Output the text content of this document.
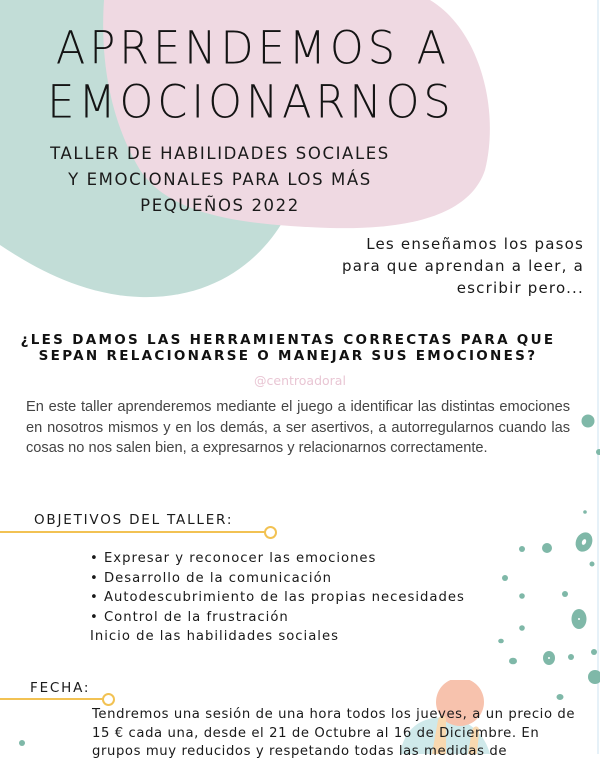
APRENDEMOS A
EMOCIONARNOS
TALLER DE HABILIDADES SOCIALES
Y EMOCIONALES PARA LOS MÁS
PEQUEÑOS 2022
Les enseñamos los pasos
para que aprendan a leer, a
escribir pero...
¿LES DAMOS LAS HERRAMIENTAS CORRECTAS PARA QUE
SEPAN RELACIONARSE O MANEJAR SUS EMOCIONES?
@centroadoral
En este taller aprenderemos mediante el juego a identificar las distintas emociones en nosotros mismos y en los demás, a ser asertivos, a autorregularnos cuando las cosas no nos salen bien, a expresarnos y relacionarnos correctamente.
OBJETIVOS DEL TALLER:
• Expresar y reconocer las emociones
• Desarrollo de la comunicación
• Autodescubrimiento de las propias necesidades
• Control de la frustración
Inicio de las habilidades sociales
FECHA:
Tendremos una sesión de una hora todos los jueves, a un precio de 15 € cada una, desde el 21 de Octubre al 16 de Diciembre. En grupos muy reducidos y respetando todas las medidas de
